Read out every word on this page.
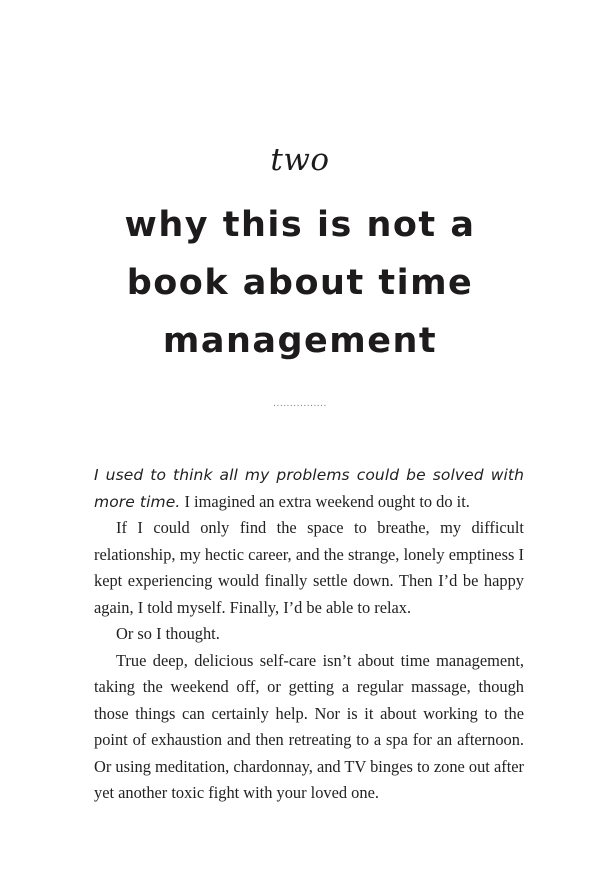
two
why this is not a book about time management
................

I used to think all my problems could be solved with more time. I imagined an extra weekend ought to do it.

If I could only find the space to breathe, my difficult relationship, my hectic career, and the strange, lonely emptiness I kept experiencing would finally settle down. Then I’d be happy again, I told myself. Finally, I’d be able to relax.

Or so I thought.

True deep, delicious self-care isn’t about time management, taking the weekend off, or getting a regular massage, though those things can certainly help. Nor is it about working to the point of exhaustion and then retreating to a spa for an afternoon. Or using meditation, chardonnay, and TV binges to zone out after yet another toxic fight with your loved one.
